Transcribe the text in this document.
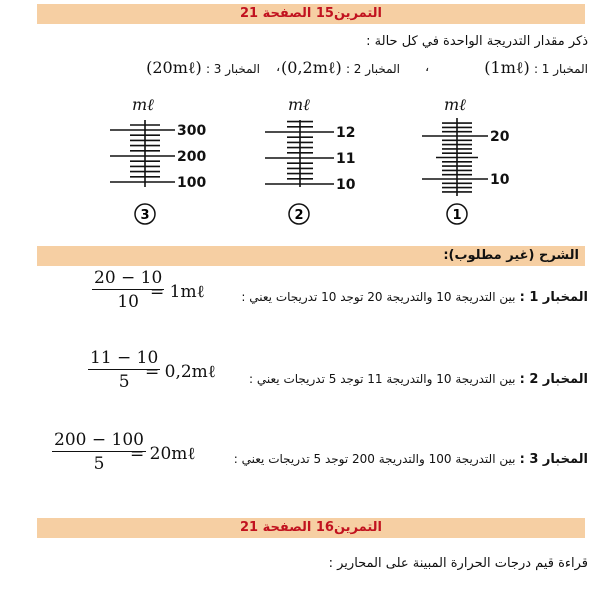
التمرين15 الصفحة 21
ذكر مقدار التدريجة الواحدة في كل حالة :
المخبار 1 : (1mℓ)
،
المخبار 2 : (0,2mℓ)
،
المخبار 3 : (20mℓ)
mℓ	mℓ	mℓ
300
200
100
12
11
10
20
10
3	2	1
الشرح (غير مطلوب):
$\frac{20 - 10}{10}$
= 1mℓ	المخبار 1 : بين التدريجة 10 والتدريجة 20 توجد 10 تدريجات يعني :
$\frac{11 - 10}{5}$
= 0,2mℓ	المخبار 2 : بين التدريجة 10 والتدريجة 11 توجد 5 تدريجات يعني :
$\frac{200 - 100}{5}$
= 20mℓ	المخبار 3 : بين التدريجة 100 والتدريجة 200 توجد 5 تدريجات يعني :
التمرين16 الصفحة 21
قراءة قيم درجات الحرارة المبينة على المحارير :
